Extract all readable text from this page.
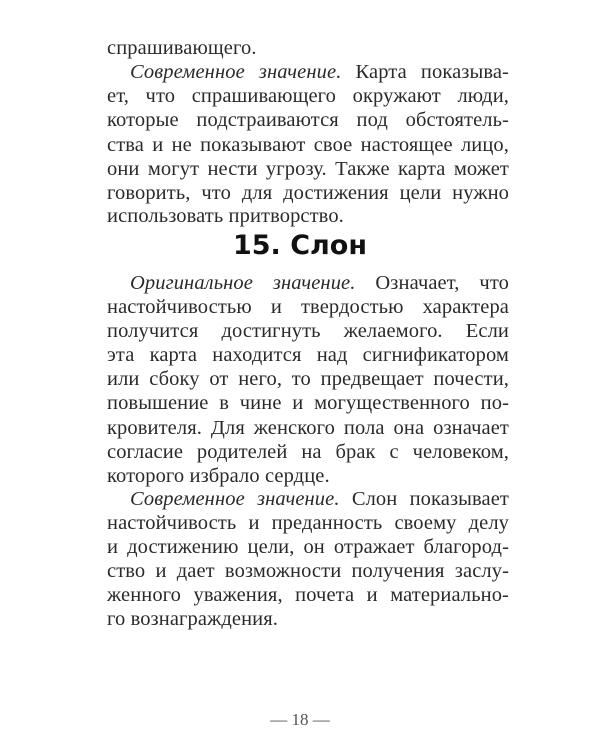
спрашивающего.
Современное значение. Карта показыва-
ет, что спрашивающего окружают люди,
которые подстраиваются под обстоятель-
ства и не показывают свое настоящее лицо,
они могут нести угрозу. Также карта может
говорить, что для достижения цели нужно
использовать притворство.
15. Слон
Оригинальное значение. Означает, что
настойчивостью и твердостью характера
получится достигнуть желаемого. Если
эта карта находится над сигнификатором
или сбоку от него, то предвещает почести,
повышение в чине и могущественного по-
кровителя. Для женского пола она означает
согласие родителей на брак с человеком,
которого избрало сердце.
Современное значение. Слон показывает
настойчивость и преданность своему делу
и достижению цели, он отражает благород-
ство и дает возможности получения заслу-
женного уважения, почета и материально-
го вознаграждения.
— 18 —
